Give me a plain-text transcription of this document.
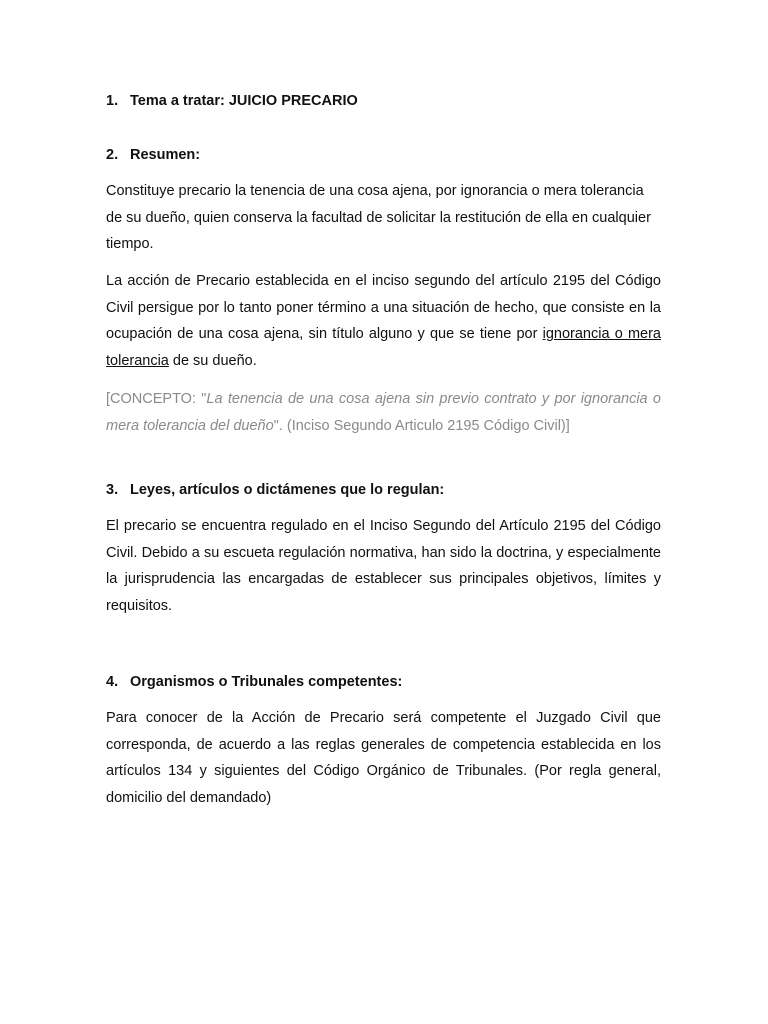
1. Tema a tratar: JUICIO PRECARIO
2. Resumen:

Constituye precario la tenencia de una cosa ajena, por ignorancia o mera tolerancia de su dueño, quien conserva la facultad de solicitar la restitución de ella en cualquier tiempo.

La acción de Precario establecida en el inciso segundo del artículo 2195 del Código Civil persigue por lo tanto poner término a una situación de hecho, que consiste en la ocupación de una cosa ajena, sin título alguno y que se tiene por ignorancia o mera tolerancia de su dueño.

[CONCEPTO: "La tenencia de una cosa ajena sin previo contrato y por ignorancia o mera tolerancia del dueño". (Inciso Segundo Articulo 2195 Código Civil)]

3. Leyes, artículos o dictámenes que lo regulan:

El precario se encuentra regulado en el Inciso Segundo del Artículo 2195 del Código Civil. Debido a su escueta regulación normativa, han sido la doctrina, y especialmente la jurisprudencia las encargadas de establecer sus principales objetivos, límites y requisitos.

4. Organismos o Tribunales competentes:

Para conocer de la Acción de Precario será competente el Juzgado Civil que corresponda, de acuerdo a las reglas generales de competencia establecida en los artículos 134 y siguientes del Código Orgánico de Tribunales. (Por regla general, domicilio del demandado)
